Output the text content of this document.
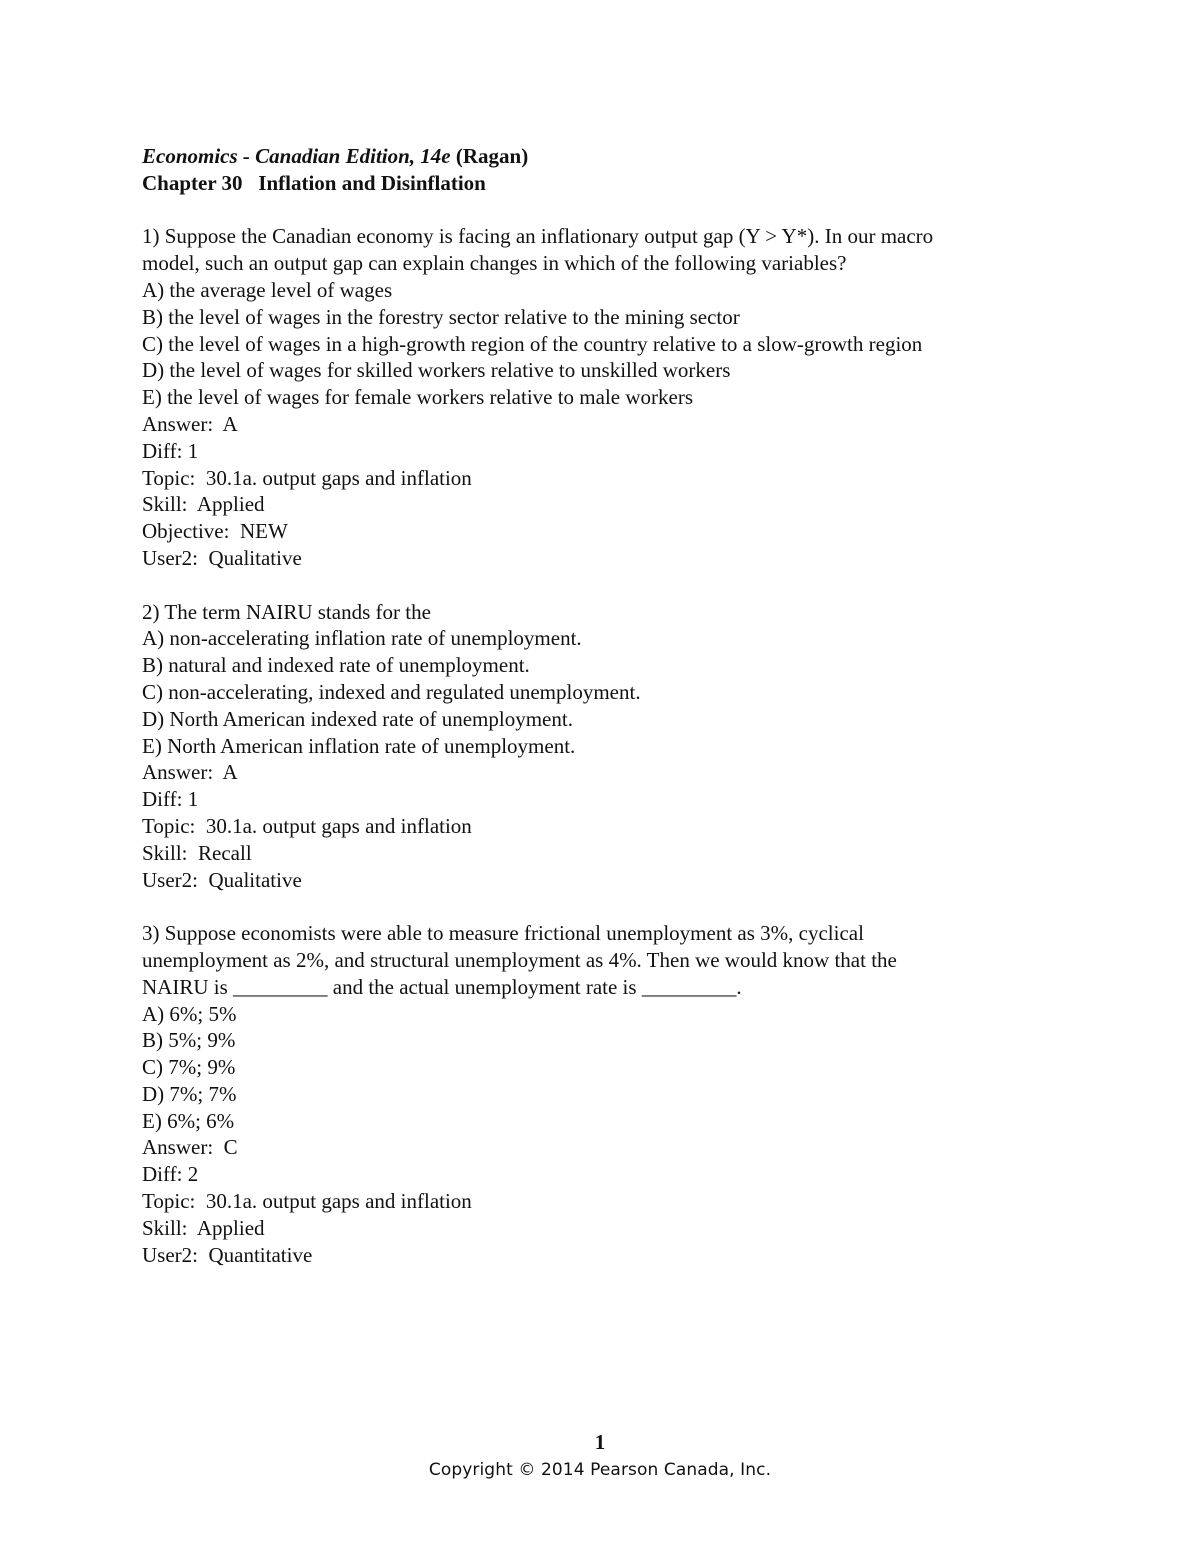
Economics - Canadian Edition, 14e (Ragan)
Chapter 30   Inflation and Disinflation
1) Suppose the Canadian economy is facing an inflationary output gap (Y > Y*). In our macro
model, such an output gap can explain changes in which of the following variables?
A) the average level of wages
B) the level of wages in the forestry sector relative to the mining sector
C) the level of wages in a high-growth region of the country relative to a slow-growth region
D) the level of wages for skilled workers relative to unskilled workers
E) the level of wages for female workers relative to male workers
Answer:  A
Diff: 1
Topic:  30.1a. output gaps and inflation
Skill:  Applied
Objective:  NEW
User2:  Qualitative
2) The term NAIRU stands for the
A) non-accelerating inflation rate of unemployment.
B) natural and indexed rate of unemployment.
C) non-accelerating, indexed and regulated unemployment.
D) North American indexed rate of unemployment.
E) North American inflation rate of unemployment.
Answer:  A
Diff: 1
Topic:  30.1a. output gaps and inflation
Skill:  Recall
User2:  Qualitative
3) Suppose economists were able to measure frictional unemployment as 3%, cyclical
unemployment as 2%, and structural unemployment as 4%. Then we would know that the
NAIRU is _________ and the actual unemployment rate is _________.
A) 6%; 5%
B) 5%; 9%
C) 7%; 9%
D) 7%; 7%
E) 6%; 6%
Answer:  C
Diff: 2
Topic:  30.1a. output gaps and inflation
Skill:  Applied
User2:  Quantitative
1
Copyright © 2014 Pearson Canada, Inc.
